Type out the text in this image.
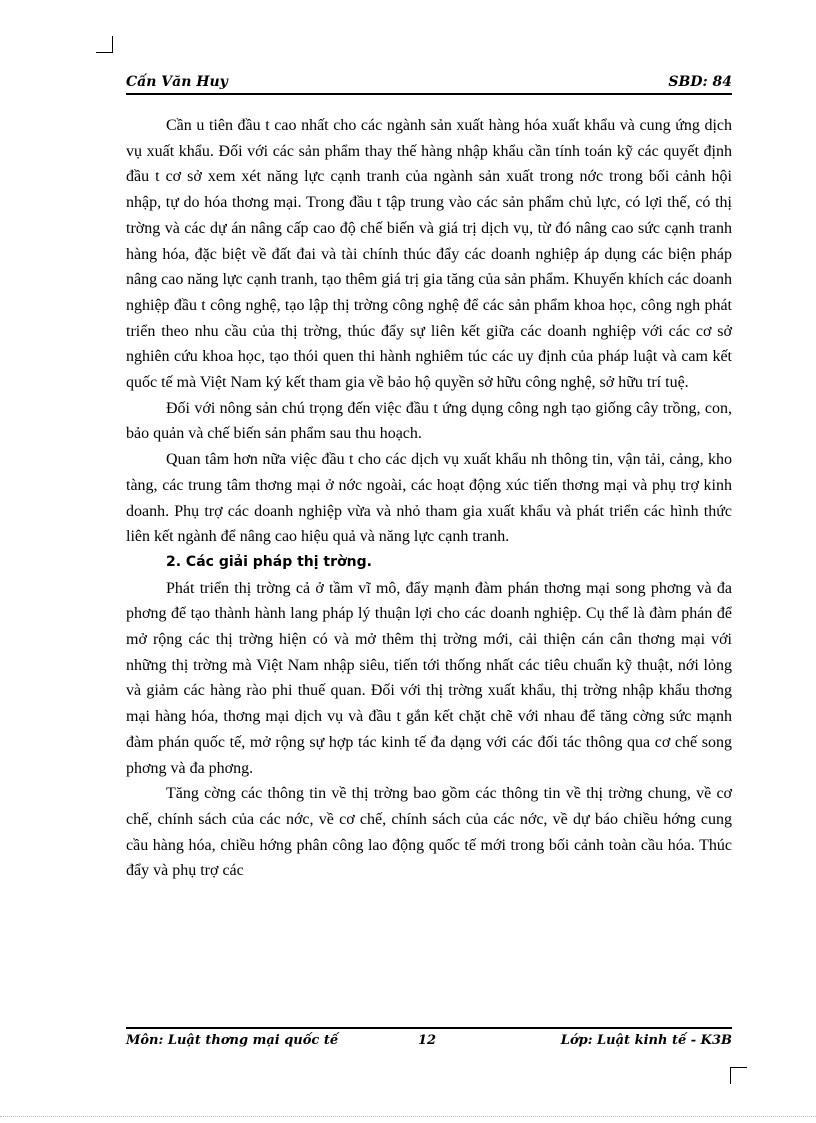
Cấn Văn Huy	SBD: 84

Cần u tiên đầu t cao nhất cho các ngành sản xuất hàng hóa xuất khẩu và cung ứng dịch vụ xuất khẩu. Đối với các sản phẩm thay thế hàng nhập khẩu cần tính toán kỹ các quyết định đầu t cơ sở xem xét năng lực cạnh tranh của ngành sản xuất trong nớc trong bối cảnh hội nhập, tự do hóa thơng mại. Trong đầu t tập trung vào các sản phẩm chủ lực, có lợi thế, có thị trờng và các dự án nâng cấp cao độ chế biến và giá trị dịch vụ, từ đó nâng cao sức cạnh tranh hàng hóa, đặc biệt về đất đai và tài chính thúc đẩy các doanh nghiệp áp dụng các biện pháp nâng cao năng lực cạnh tranh, tạo thêm giá trị gia tăng của sản phẩm. Khuyến khích các doanh nghiệp đầu t công nghệ, tạo lập thị trờng công nghệ để các sản phẩm khoa học, công ngh phát triển theo nhu cầu của thị trờng, thúc đẩy sự liên kết giữa các doanh nghiệp với các cơ sở nghiên cứu khoa học, tạo thói quen thi hành nghiêm túc các uy định của pháp luật và cam kết quốc tế mà Việt Nam ký kết tham gia về bảo hộ quyền sở hữu công nghệ, sở hữu trí tuệ.

Đối với nông sản chú trọng đến việc đầu t ứng dụng công ngh tạo giống cây trồng, con, bảo quản và chế biến sản phẩm sau thu hoạch.

Quan tâm hơn nữa việc đầu t cho các dịch vụ xuất khẩu nh thông tin, vận tải, cảng, kho tàng, các trung tâm thơng mại ở nớc ngoài, các hoạt động xúc tiến thơng mại và phụ trợ kinh doanh. Phụ trợ các doanh nghiệp vừa và nhỏ tham gia xuất khẩu và phát triển các hình thức liên kết ngành để nâng cao hiệu quả và năng lực cạnh tranh.

2. Các giải pháp thị trờng.

Phát triển thị trờng cả ở tầm vĩ mô, đẩy mạnh đàm phán thơng mại song phơng và đa phơng để tạo thành hành lang pháp lý thuận lợi cho các doanh nghiệp. Cụ thể là đàm phán để mở rộng các thị trờng hiện có và mở thêm thị trờng mới, cải thiện cán cân thơng mại với những thị trờng mà Việt Nam nhập siêu, tiến tới thống nhất các tiêu chuẩn kỹ thuật, nới lỏng và giảm các hàng rào phi thuế quan. Đối với thị trờng xuất khẩu, thị trờng nhập khẩu thơng mại hàng hóa, thơng mại dịch vụ và đầu t gắn kết chặt chẽ với nhau để tăng cờng sức mạnh đàm phán quốc tế, mở rộng sự hợp tác kinh tế đa dạng với các đối tác thông qua cơ chế song phơng và đa phơng.

Tăng cờng các thông tin về thị trờng bao gồm các thông tin về thị trờng chung, về cơ chế, chính sách của các nớc, về cơ chế, chính sách của các nớc, về dự báo chiều hớng cung cầu hàng hóa, chiều hớng phân công lao động quốc tế mới trong bối cảnh toàn cầu hóa. Thúc đẩy và phụ trợ các

Môn: Luật thơng mại quốc tế	12	Lớp: Luật kinh tế - K3B
